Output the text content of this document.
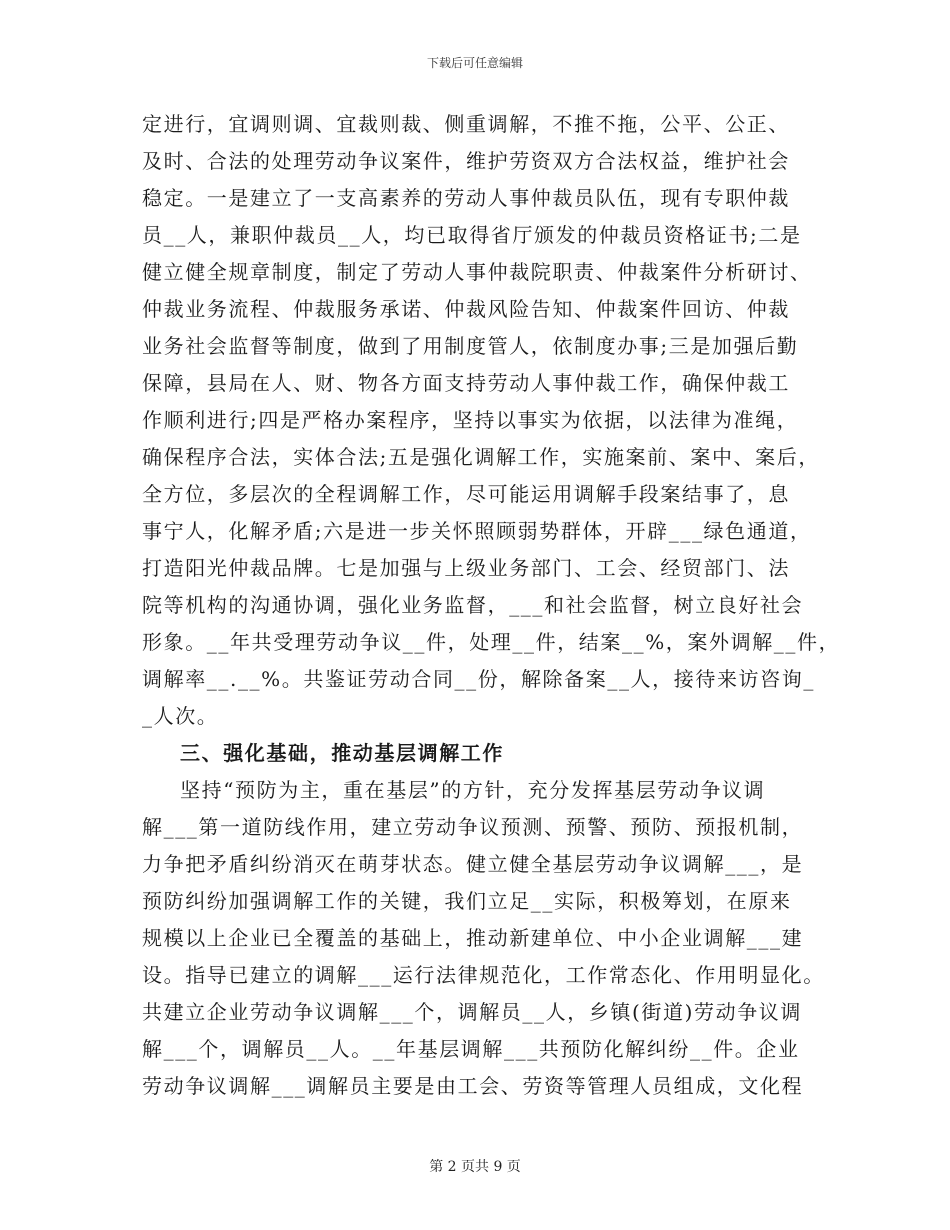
下载后可任意编辑
定进行，宜调则调、宜裁则裁、侧重调解，不推不拖，公平、公正、
及时、合法的处理劳动争议案件，维护劳资双方合法权益，维护社会
稳定。一是建立了一支高素养的劳动人事仲裁员队伍，现有专职仲裁
员__人，兼职仲裁员__人，均已取得省厅颁发的仲裁员资格证书;二是
健立健全规章制度，制定了劳动人事仲裁院职责、仲裁案件分析研讨、
仲裁业务流程、仲裁服务承诺、仲裁风险告知、仲裁案件回访、仲裁
业务社会监督等制度，做到了用制度管人，依制度办事;三是加强后勤
保障，县局在人、财、物各方面支持劳动人事仲裁工作，确保仲裁工
作顺利进行;四是严格办案程序，坚持以事实为依据，以法律为准绳，
确保程序合法，实体合法;五是强化调解工作，实施案前、案中、案后，
全方位，多层次的全程调解工作，尽可能运用调解手段案结事了，息
事宁人，化解矛盾;六是进一步关怀照顾弱势群体，开辟___绿色通道，
打造阳光仲裁品牌。七是加强与上级业务部门、工会、经贸部门、法
院等机构的沟通协调，强化业务监督，___和社会监督，树立良好社会
形象。__年共受理劳动争议__件，处理__件，结案__%，案外调解__件，
调解率__.__%。共鉴证劳动合同__份，解除备案__人，接待来访咨询_
_人次。
三、强化基础，推动基层调解工作
坚持“预防为主，重在基层”的方针，充分发挥基层劳动争议调
解___第一道防线作用，建立劳动争议预测、预警、预防、预报机制，
力争把矛盾纠纷消灭在萌芽状态。健立健全基层劳动争议调解___，是
预防纠纷加强调解工作的关键，我们立足__实际，积极筹划，在原来
规模以上企业已全覆盖的基础上，推动新建单位、中小企业调解___建
设。指导已建立的调解___运行法律规范化，工作常态化、作用明显化。
共建立企业劳动争议调解___个，调解员__人，乡镇(街道)劳动争议调
解___个，调解员__人。__年基层调解___共预防化解纠纷__件。企业
劳动争议调解___调解员主要是由工会、劳资等管理人员组成，文化程
第 2 页共 9 页
